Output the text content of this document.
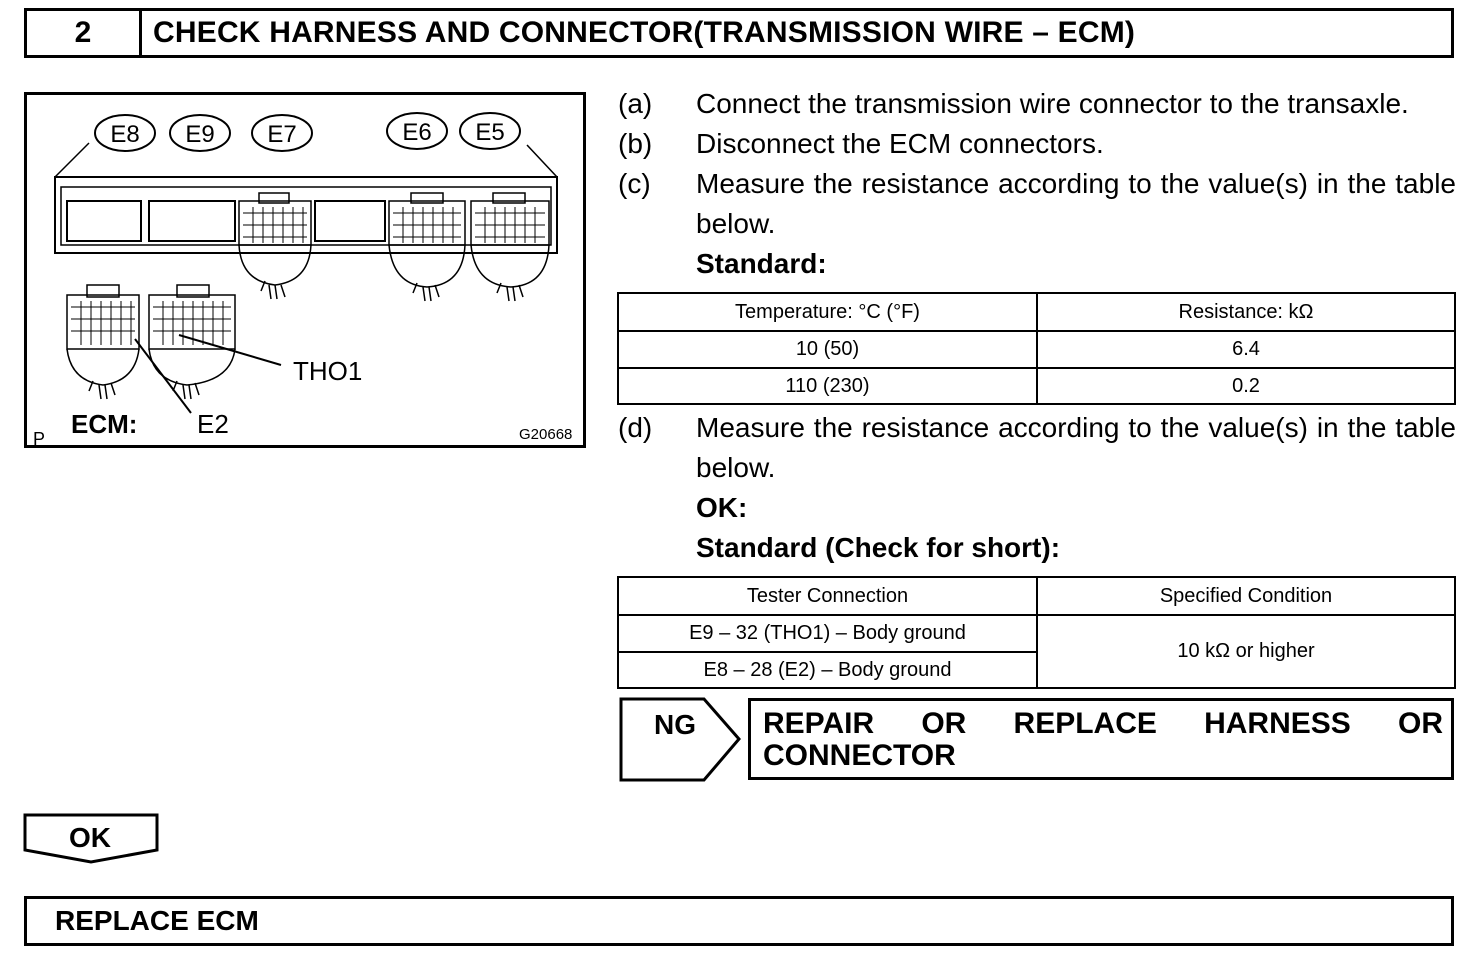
2	CHECK HARNESS AND CONNECTOR(TRANSMISSION WIRE – ECM)
E8 E9 E7	E6 E5
THO1
E2
ECM:
P	G20668
(a) Connect the transmission wire connector to the transaxle.
(b) Disconnect the ECM connectors.
(c) Measure the resistance according to the value(s) in the table below.
Standard:
Temperature: °C (°F)	Resistance: kΩ
10 (50)	6.4
110 (230)	0.2
(d) Measure the resistance according to the value(s) in the table below.
OK:
Standard (Check for short):
Tester Connection	Specified Condition
E9 – 32 (THO1) – Body ground	10 kΩ or higher
E8 – 28 (E2) – Body ground	
NG REPAIR OR REPLACE HARNESS OR
CONNECTOR
OK
REPLACE ECM
